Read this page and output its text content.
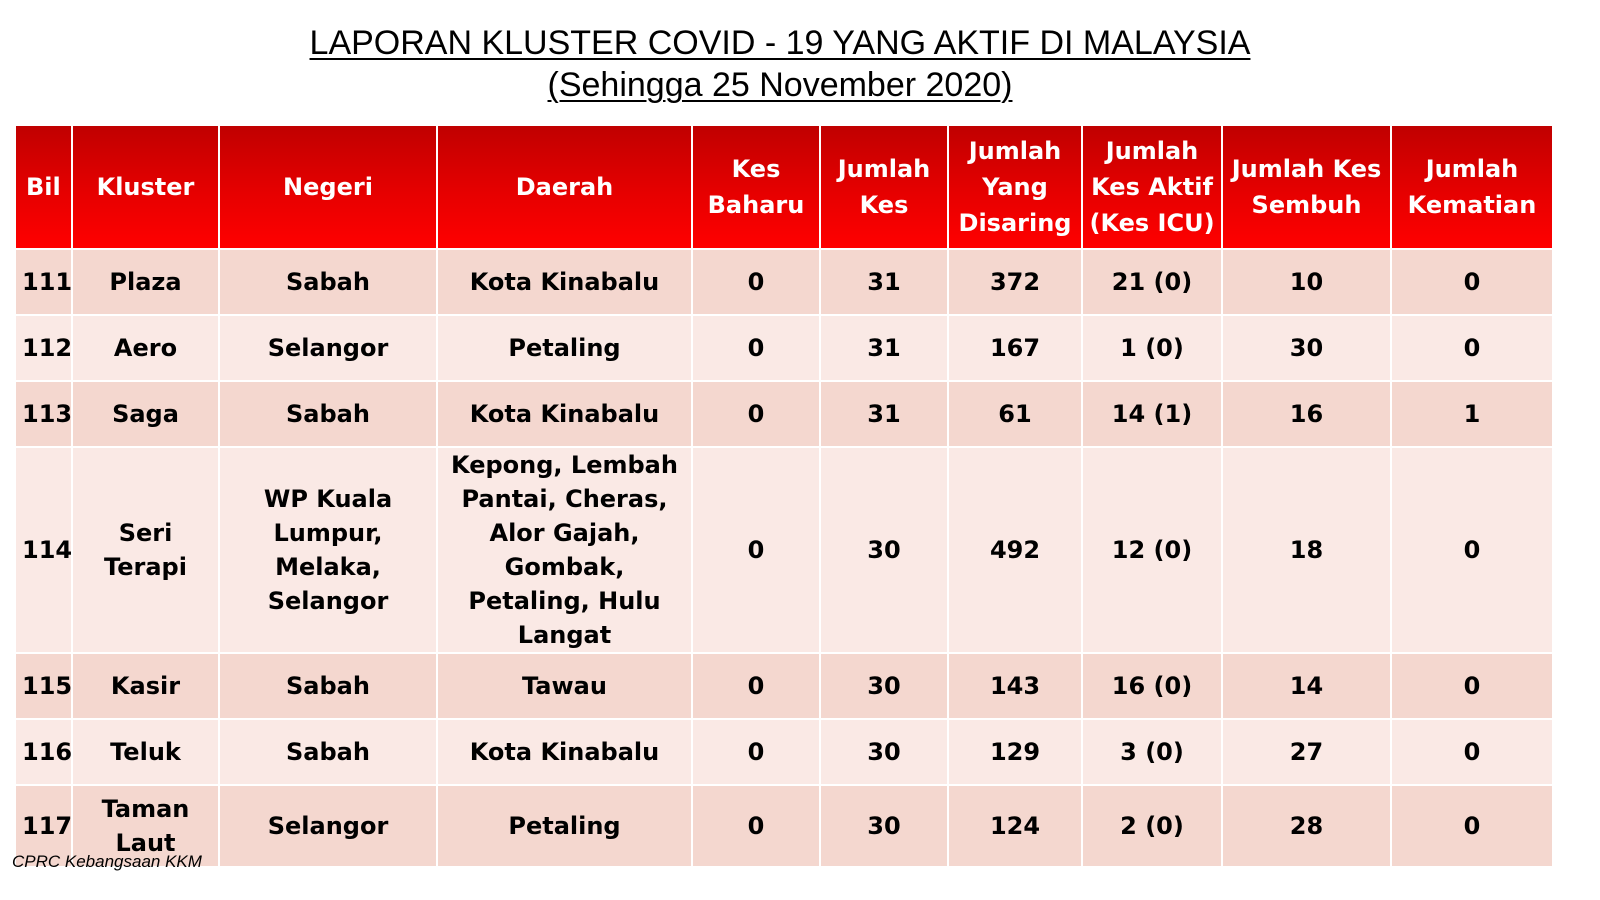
LAPORAN KLUSTER COVID - 19 YANG AKTIF DI MALAYSIA
(Sehingga 25 November 2020)
Bil	Kluster	Negeri	Daerah	Kes Baharu	Jumlah Kes	Jumlah Yang Disaring	Jumlah Kes Aktif (Kes ICU)	Jumlah Kes Sembuh	Jumlah Kematian
111	Plaza	Sabah	Kota Kinabalu	0	31	372	21 (0)	10	0
112	Aero	Selangor	Petaling	0	31	167	1 (0)	30	0
113	Saga	Sabah	Kota Kinabalu	0	31	61	14 (1)	16	1
114	Seri Terapi	WP Kuala Lumpur, Melaka, Selangor	Kepong, Lembah Pantai, Cheras, Alor Gajah, Gombak, Petaling, Hulu Langat	0	30	492	12 (0)	18	0
115	Kasir	Sabah	Tawau	0	30	143	16 (0)	14	0
116	Teluk	Sabah	Kota Kinabalu	0	30	129	3 (0)	27	0
117	Taman Laut	Selangor	Petaling	0	30	124	2 (0)	28	0
CPRC Kebangsaan KKM
